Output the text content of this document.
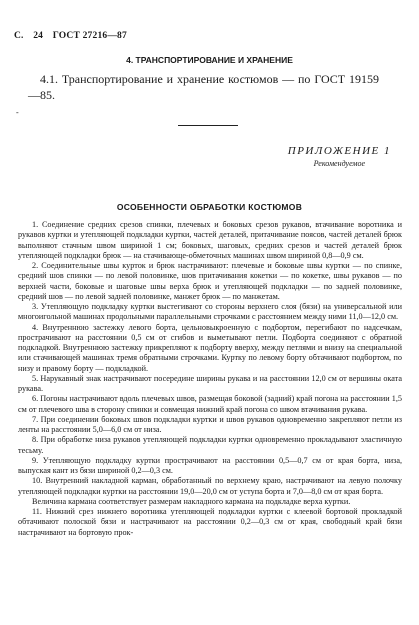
С. 24 ГОСТ 27216—87
4. ТРАНСПОРТИРОВАНИЕ И ХРАНЕНИЕ
4.1. Транспортирование и хранение костюмов — по ГОСТ 19159—85.
-
ПРИЛОЖЕНИЕ 1
Рекомендуемое
ОСОБЕННОСТИ ОБРАБОТКИ КОСТЮМОВ

1. Соединение средних срезов спинки, плечевых и боковых срезов рукавов, втачивание воротника и рукавов куртки и утепляющей подкладки куртки, частей деталей, притачивание поясов, частей деталей брюк выполняют стачным швом шириной 1 см; боковых, шаговых, средних срезов и частей деталей брюк утепляющей подкладки брюк — на стачивающе-обметочных машинах швом шириной 0,8—0,9 см.

2. Соединительные швы курток и брюк настрачивают: плечевые и боковые швы куртки — по спинке, средний шов спинки — по левой половинке, шов притачивания кокетки — по кокетке, швы рукавов — по верхней части, боковые и шаговые швы верха брюк и утепляющей подкладки — по задней половинке, средний шов — по левой задней половинке, манжет брюк — по манжетам.

3. Утепляющую подкладку куртки выстегивают со стороны верхнего слоя (бязи) на универсальной или многоигольной машинах продольными параллельными строчками с расстоянием между ними 11,0—12,0 см.

4. Внутреннюю застежку левого борта, цельновыкроенную с подбортом, перегибают по надсечкам, прострачивают на расстоянии 0,5 см от сгибов и выметывают петли. Подборта соединяют с обратной подкладкой. Внутреннюю застежку прикрепляют к подборту вверху, между петлями и внизу на специальной или стачивающей машинах тремя обратными строчками. Куртку по левому борту обтачивают подбортом, по низу и правому борту — подкладкой.

5. Нарукавный знак настрачивают посередине ширины рукава и на расстоянии 12,0 см от вершины оката рукава.

6. Погоны настрачивают вдоль плечевых швов, размещая боковой (задний) край погона на расстоянии 1,5 см от плечевого шва в сторону спинки и совмещая нижний край погона со швом втачивания рукава.

7. При соединении боковых швов подкладки куртки и швов рукавов одновременно закрепляют петли из ленты на расстоянии 5,0—6,0 см от низа.

8. При обработке низа рукавов утепляющей подкладки куртки одновременно прокладывают эластичную тесьму.

9. Утепляющую подкладку куртки прострачивают на расстоянии 0,5—0,7 см от края борта, низа, выпуская кант из бязи шириной 0,2—0,3 см.

10. Внутренний накладной карман, обработанный по верхнему краю, настрачивают на левую полочку утепляющей подкладки куртки на расстоянии 19,0—20,0 см от уступа борта и 7,0—8,0 см от края борта.

Величина кармана соответствует размерам накладного кармана на подкладке верха куртки.

11. Нижний срез нижнего воротника утепляющей подкладки куртки с клеевой бортовой прокладкой обтачивают полоской бязи и настрачивают на расстоянии 0,2—0,3 см от края, свободный край бязи настрачивают на бортовую прок-
